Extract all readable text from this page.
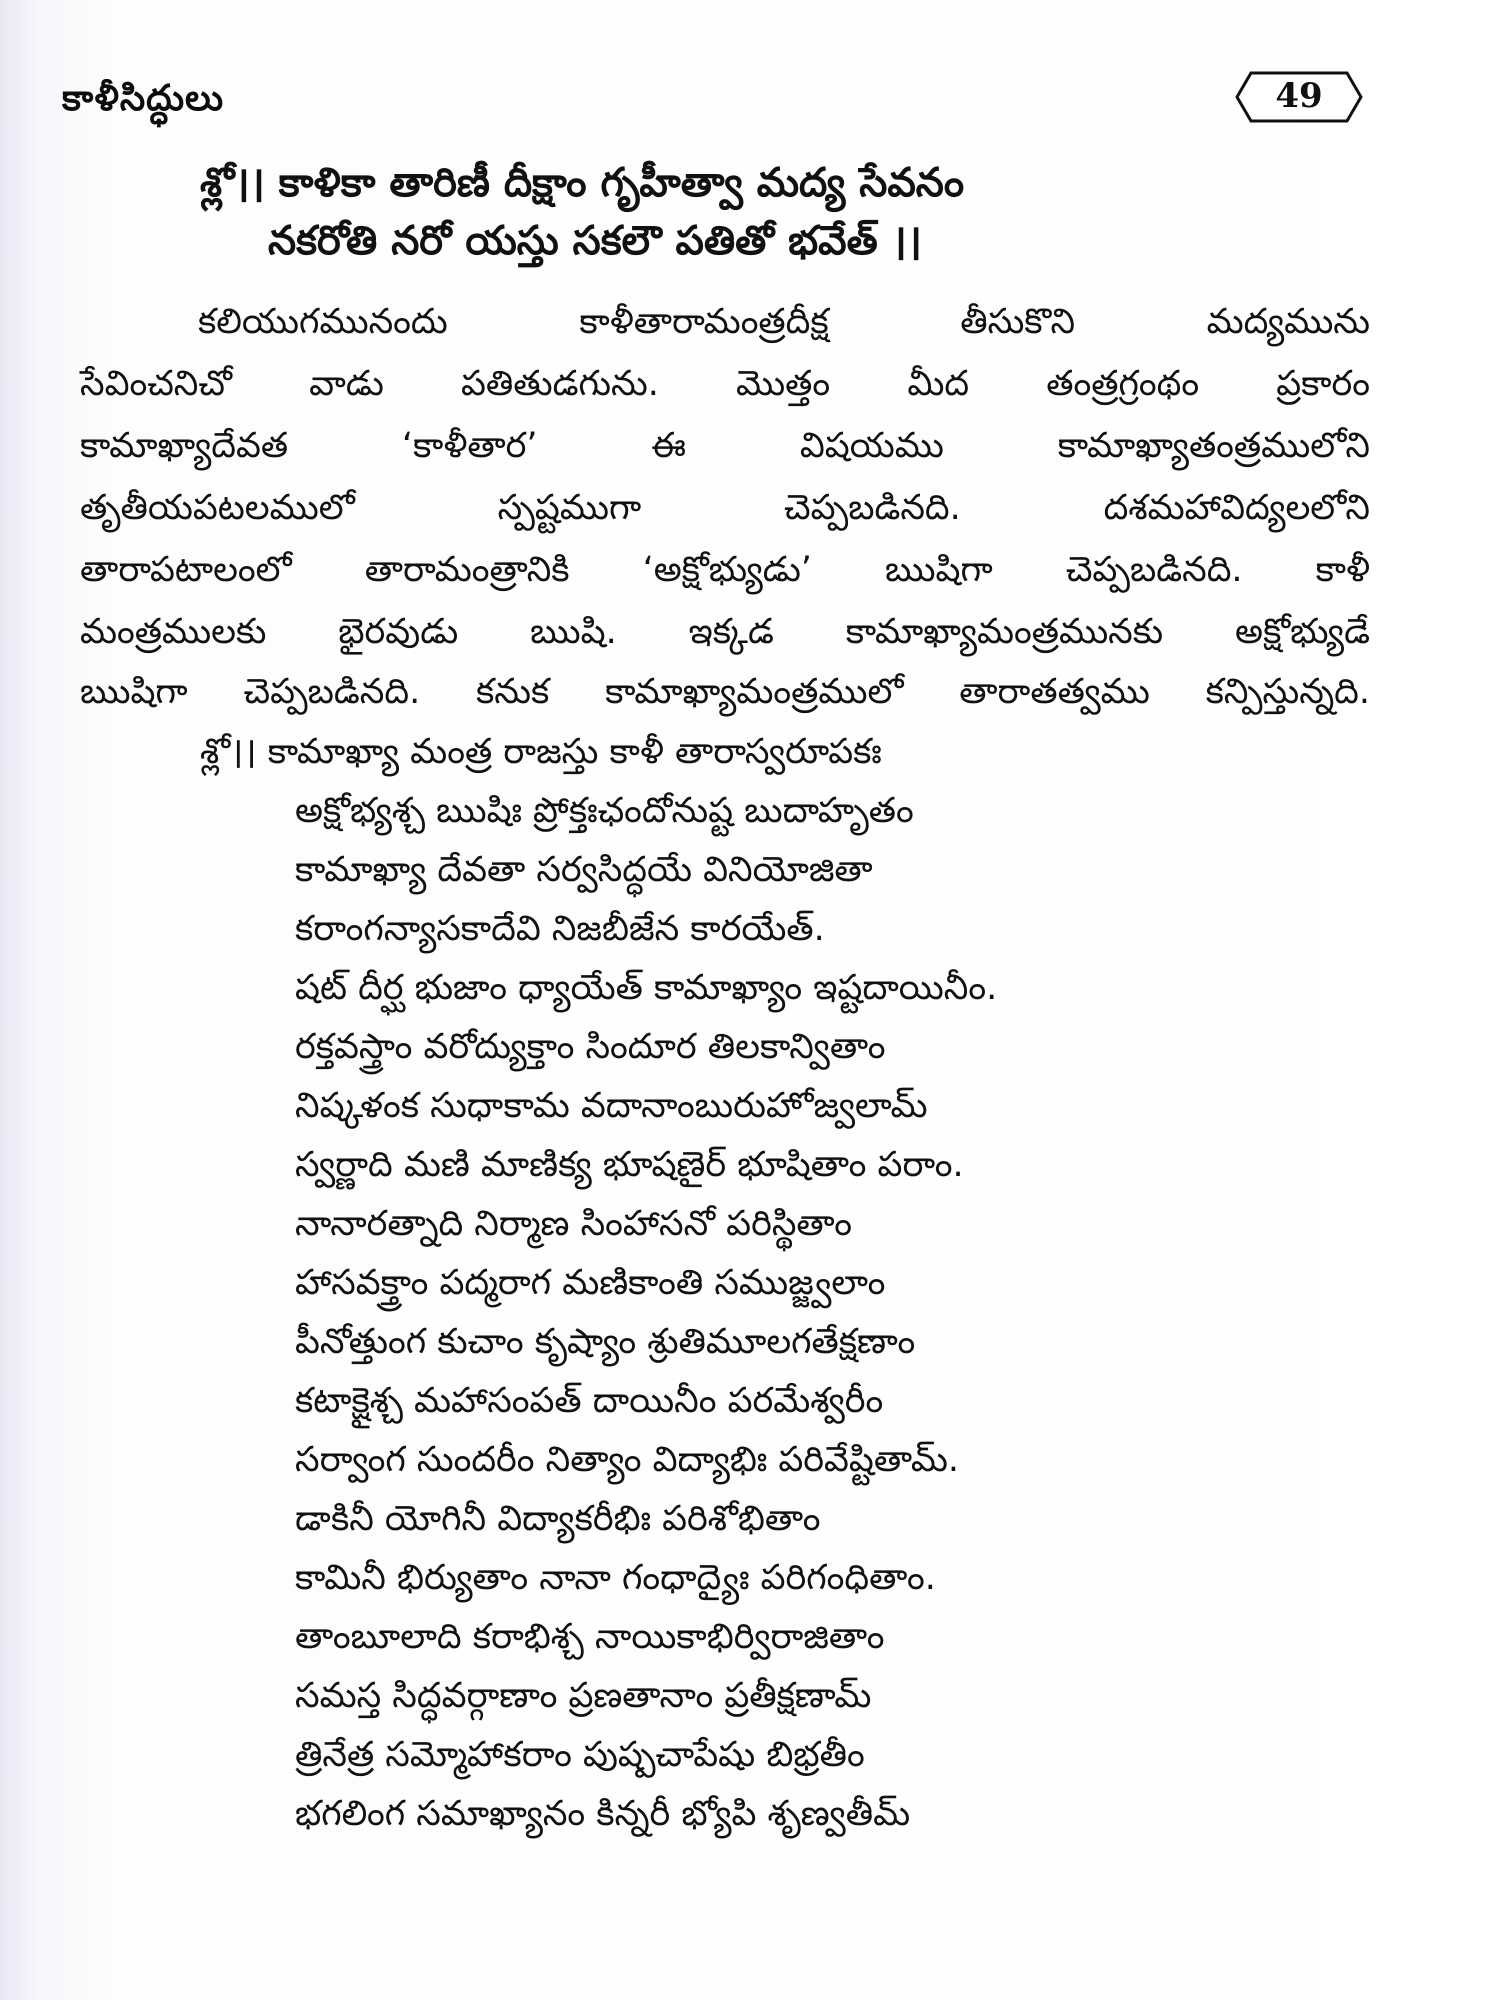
కాళీసిద్ధులు	49
శ్లో।। కాళికా తారిణీ దీక్షాం గృహీత్వా మద్య సేవనం
నకరోతి నరో యస్తు సకలౌ పతితో భవేత్ ।।
కలియుగమునందు కాళీతారామంత్రదీక్ష తీసుకొని మద్యమును
సేవించనిచో వాడు పతితుడగును. మొత్తం మీద తంత్రగ్రంథం ప్రకారం
కామాఖ్యాదేవత ‘కాళీతార’ ఈ విషయము కామాఖ్యాతంత్రములోని
తృతీయపటలములో స్పష్టముగా చెప్పబడినది. దశమహావిద్యలలోని
తారాపటాలంలో తారామంత్రానికి ‘అక్షోభ్యుడు’ ఋషిగా చెప్పబడినది. కాళీ
మంత్రములకు భైరవుడు ఋషి. ఇక్కడ కామాఖ్యామంత్రమునకు అక్షోభ్యుడే
ఋషిగా చెప్పబడినది. కనుక కామాఖ్యామంత్రములో తారాతత్వము కన్పిస్తున్నది.
శ్లో।। కామాఖ్యా మంత్ర రాజస్తు కాళీ తారాస్వరూపకః
అక్షోభ్యశ్చ ఋషిః ప్రోక్తఃఛందోనుష్ట బుదాహృతం
కామాఖ్యా దేవతా సర్వసిద్ధయే వినియోజితా
కరాంగన్యాసకాదేవి నిజబీజేన కారయేత్.
షట్ దీర్ఘ భుజాం ధ్యాయేత్ కామాఖ్యాం ఇష్టదాయినీం.
రక్తవస్త్రాం వరోద్యుక్తాం సిందూర తిలకాన్వితాం
నిష్కళంక సుధాకామ వదానాంబురుహోజ్వలామ్
స్వర్ణాది మణి మాణిక్య భూషణైర్ భూషితాం పరాం.
నానారత్నాది నిర్మాణ సింహాసనో పరిస్థితాం
హాసవక్త్రాం పద్మరాగ మణికాంతి సముజ్జ్వలాం
పీనోత్తుంగ కుచాం కృష్యాం శ్రుతిమూలగతేక్షణాం
కటాక్షైశ్చ మహాసంపత్ దాయినీం పరమేశ్వరీం
సర్వాంగ సుందరీం నిత్యాం విద్యాభిః పరివేష్టితామ్.
డాకినీ యోగినీ విద్యాకరీభిః పరిశోభితాం
కామినీ భిర్యుతాం నానా గంధాద్యైః పరిగంధితాం.
తాంబూలాది కరాభిశ్చ నాయికాభిర్విరాజితాం
సమస్త సిద్ధవర్గాణాం ప్రణతానాం ప్రతీక్షణామ్
త్రినేత్ర సమ్మోహాకరాం పుష్పచాపేషు బిభ్రతీం
భగలింగ సమాఖ్యానం కిన్నరీ భ్యోపి శృణ్వతీమ్
